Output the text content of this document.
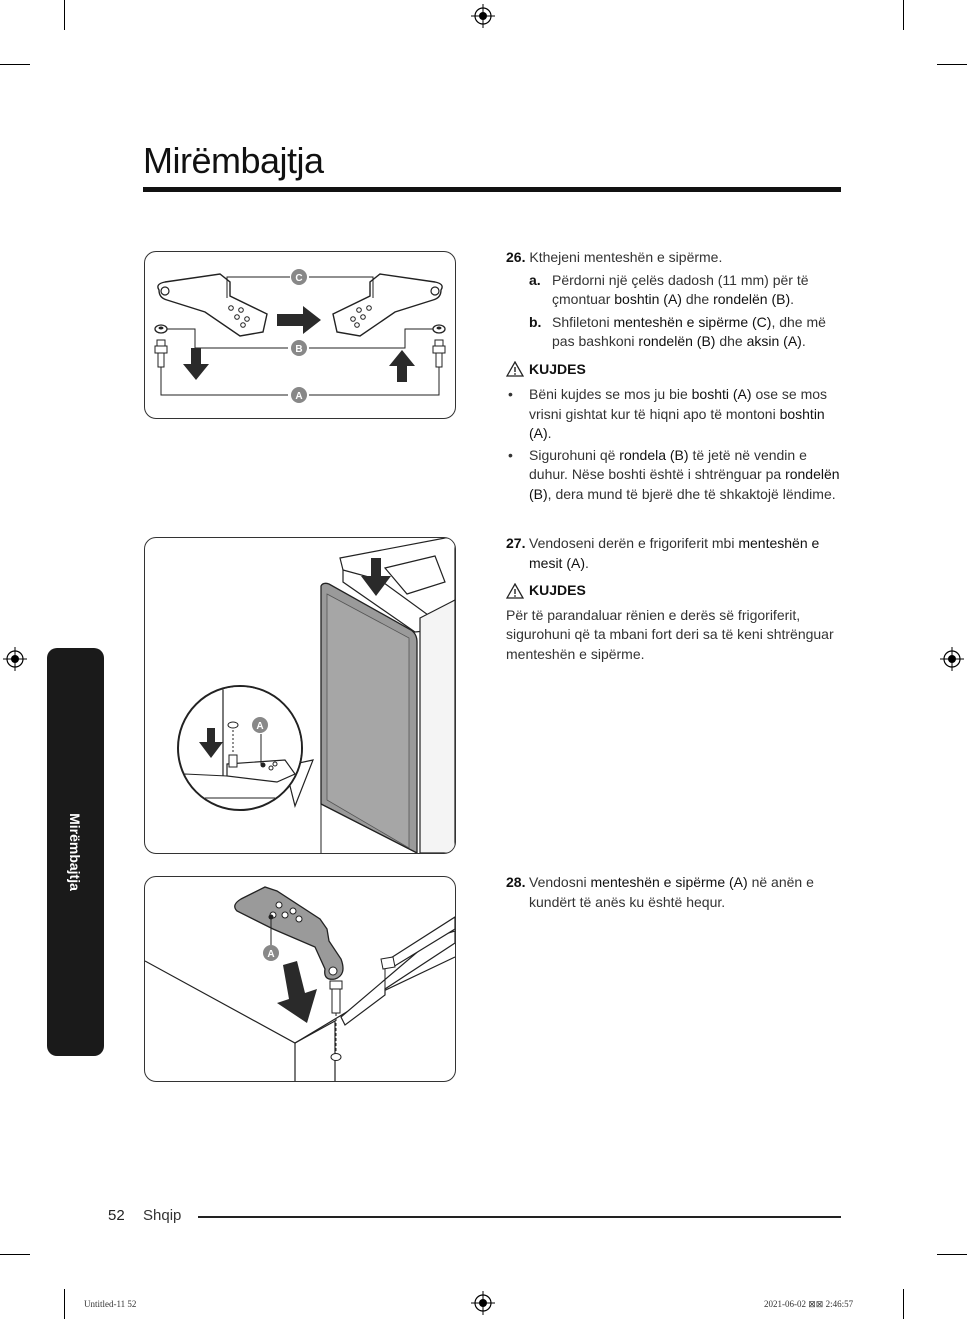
Mirëmbajtja
Mirëmbajtja
C
B
A
A
A
26. Kthejeni menteshën e sipërme.
a. Përdorni një çelës dadosh (11 mm) për të çmontuar boshtin (A) dhe rondelën (B).
b. Shfiletoni menteshën e sipërme (C), dhe më pas bashkoni rondelën (B) dhe aksin (A).
KUJDES
• Bëni kujdes se mos ju bie boshti (A) ose se mos vrisni gishtat kur të hiqni apo të montoni boshtin (A).
• Sigurohuni që rondela (B) të jetë në vendin e duhur. Nëse boshti është i shtrënguar pa rondelën (B), dera mund të bjerë dhe të shkaktojë lëndime.
27. Vendoseni derën e frigoriferit mbi menteshën e mesit (A).
KUJDES
Për të parandaluar rënien e derës së frigoriferit, sigurohuni që ta mbani fort deri sa të keni shtrënguar menteshën e sipërme.
28. Vendosni menteshën e sipërme (A) në anën e kundërt të anës ku është hequr.
52 Shqip
Untitled-11 52	2021-06-02 ⊠⊠ 2:46:57
